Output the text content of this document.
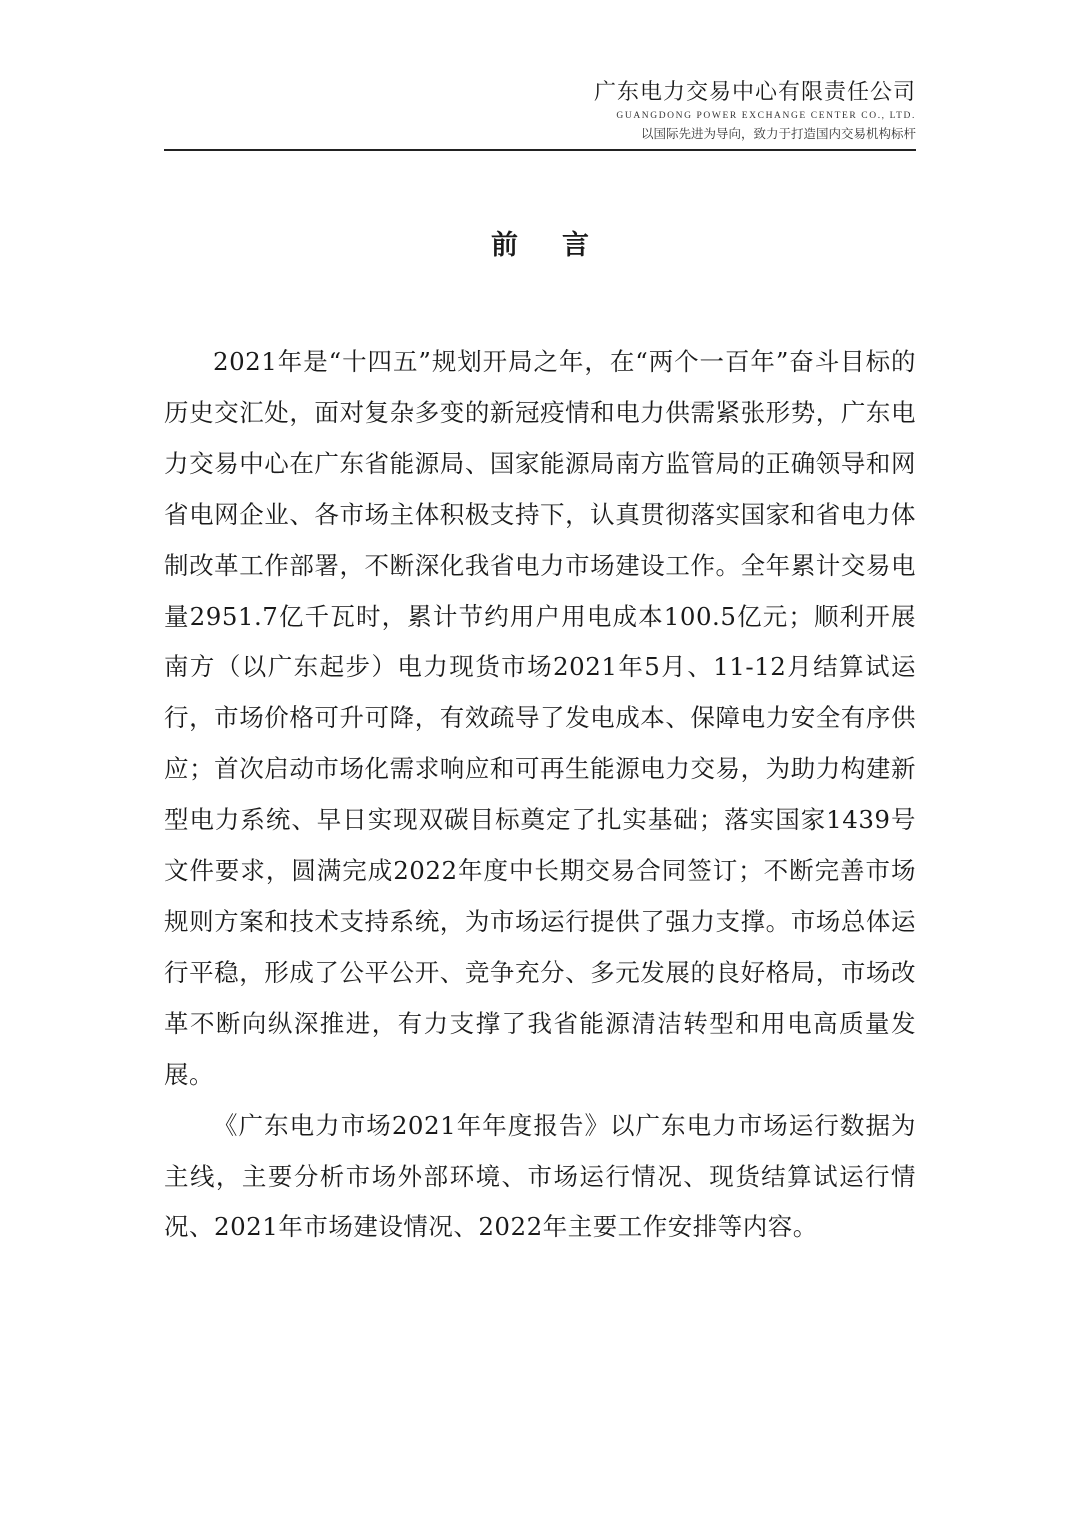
广东电力交易中心有限责任公司
GUANGDONG POWER EXCHANGE CENTER CO., LTD.
以国际先进为导向，致力于打造国内交易机构标杆
前言

2021年是“十四五”规划开局之年，在“两个一百年”奋斗目标的历史交汇处，面对复杂多变的新冠疫情和电力供需紧张形势，广东电力交易中心在广东省能源局、国家能源局南方监管局的正确领导和网省电网企业、各市场主体积极支持下，认真贯彻落实国家和省电力体制改革工作部署，不断深化我省电力市场建设工作。全年累计交易电量2951.7亿千瓦时，累计节约用户用电成本100.5亿元；顺利开展南方（以广东起步）电力现货市场2021年5月、11-12月结算试运行，市场价格可升可降，有效疏导了发电成本、保障电力安全有序供应；首次启动市场化需求响应和可再生能源电力交易，为助力构建新型电力系统、早日实现双碳目标奠定了扎实基础；落实国家1439号文件要求，圆满完成2022年度中长期交易合同签订；不断完善市场规则方案和技术支持系统，为市场运行提供了强力支撑。市场总体运行平稳，形成了公平公开、竞争充分、多元发展的良好格局，市场改革不断向纵深推进，有力支撑了我省能源清洁转型和用电高质量发展。

《广东电力市场2021年年度报告》以广东电力市场运行数据为主线，主要分析市场外部环境、市场运行情况、现货结算试运行情况、2021年市场建设情况、2022年主要工作安排等内容。
